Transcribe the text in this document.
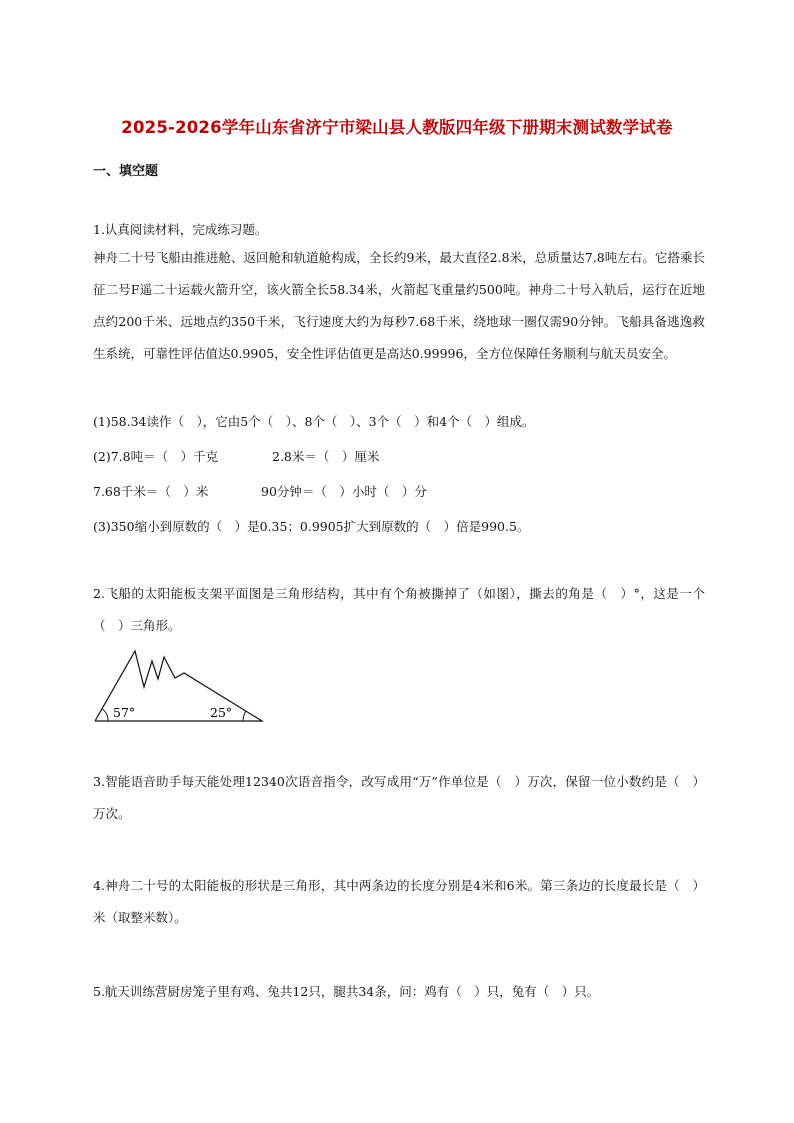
2025-2026学年山东省济宁市梁山县人教版四年级下册期末测试数学试卷
一、填空题
1.认真阅读材料，完成练习题。
神舟二十号飞船由推进舱、返回舱和轨道舱构成，全长约9米，最大直径2.8米，总质量达7.8吨左右。它搭乘长征二号F遥二十运载火箭升空，该火箭全长58.34米，火箭起飞重量约500吨。神舟二十号入轨后，运行在近地点约200千米、远地点约350千米，飞行速度大约为每秒7.68千米，绕地球一圈仅需90分钟。飞船具备逃逸救生系统，可靠性评估值达0.9905，安全性评估值更是高达0.99996，全方位保障任务顺利与航天员安全。
(1)58.34读作（　），它由5个（　）、8个（　）、3个（　）和4个（　）组成。
(2)7.8吨＝（　）千克	2.8米＝（　）厘米
7.68千米＝（　）米	90分钟＝（　）小时（　）分
(3)350缩小到原数的（　）是0.35；0.9905扩大到原数的（　）倍是990.5。
2.飞船的太阳能板支架平面图是三角形结构，其中有个角被撕掉了（如图），撕去的角是（　）°，这是一个（　）三角形。
57°	25°
3.智能语音助手每天能处理12340次语音指令，改写成用“万”作单位是（　）万次，保留一位小数约是（　）万次。
4.神舟二十号的太阳能板的形状是三角形，其中两条边的长度分别是4米和6米。第三条边的长度最长是（　）米（取整米数）。
5.航天训练营厨房笼子里有鸡、兔共12只，腿共34条，问：鸡有（　）只，兔有（　）只。
